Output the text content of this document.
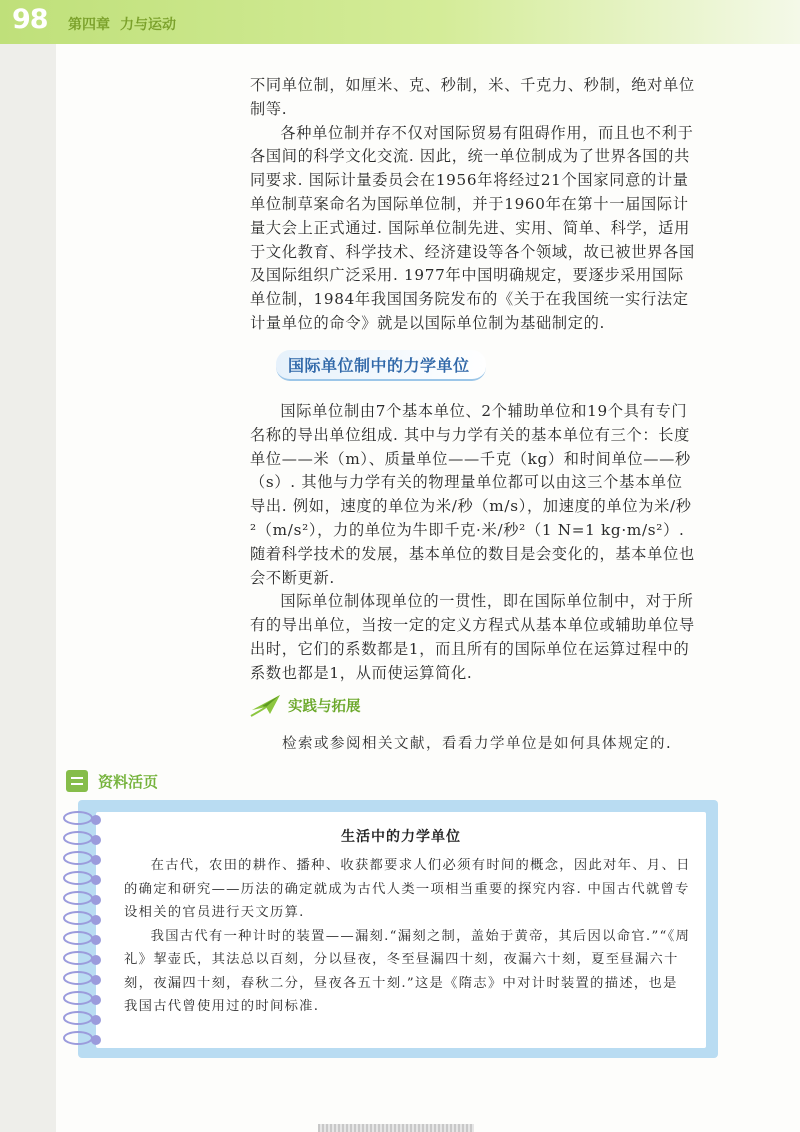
98 第四章 力与运动
不同单位制，如厘米、克、秒制，米、千克力、秒制，绝对单位制等.
各种单位制并存不仅对国际贸易有阻碍作用，而且也不利于各国间的科学文化交流. 因此，统一单位制成为了世界各国的共同要求. 国际计量委员会在1956年将经过21个国家同意的计量单位制草案命名为国际单位制，并于1960年在第十一届国际计量大会上正式通过. 国际单位制先进、实用、简单、科学，适用于文化教育、科学技术、经济建设等各个领域，故已被世界各国及国际组织广泛采用. 1977年中国明确规定，要逐步采用国际单位制，1984年我国国务院发布的《关于在我国统一实行法定计量单位的命令》就是以国际单位制为基础制定的.
国际单位制中的力学单位
国际单位制由7个基本单位、2个辅助单位和19个具有专门名称的导出单位组成. 其中与力学有关的基本单位有三个：长度单位——米（m）、质量单位——千克（kg）和时间单位——秒（s）. 其他与力学有关的物理量单位都可以由这三个基本单位导出. 例如，速度的单位为米/秒（m/s），加速度的单位为米/秒²（m/s²），力的单位为牛即千克·米/秒²（1 N=1 kg·m/s²）. 随着科学技术的发展，基本单位的数目是会变化的，基本单位也会不断更新.
国际单位制体现单位的一贯性，即在国际单位制中，对于所有的导出单位，当按一定的定义方程式从基本单位或辅助单位导出时，它们的系数都是1，而且所有的国际单位在运算过程中的系数也都是1，从而使运算简化.
实践与拓展

检索或参阅相关文献，看看力学单位是如何具体规定的.

资料活页

生活中的力学单位

在古代，农田的耕作、播种、收获都要求人们必须有时间的概念，因此对年、月、日的确定和研究——历法的确定就成为古代人类一项相当重要的探究内容. 中国古代就曾专设相关的官员进行天文历算.
我国古代有一种计时的装置——漏刻.“漏刻之制，盖始于黄帝，其后因以命官.”“《周礼》挈壶氏，其法总以百刻，分以昼夜，冬至昼漏四十刻，夜漏六十刻，夏至昼漏六十刻，夜漏四十刻，春秋二分，昼夜各五十刻.”这是《隋志》中对计时装置的描述，也是我国古代曾使用过的时间标准.
